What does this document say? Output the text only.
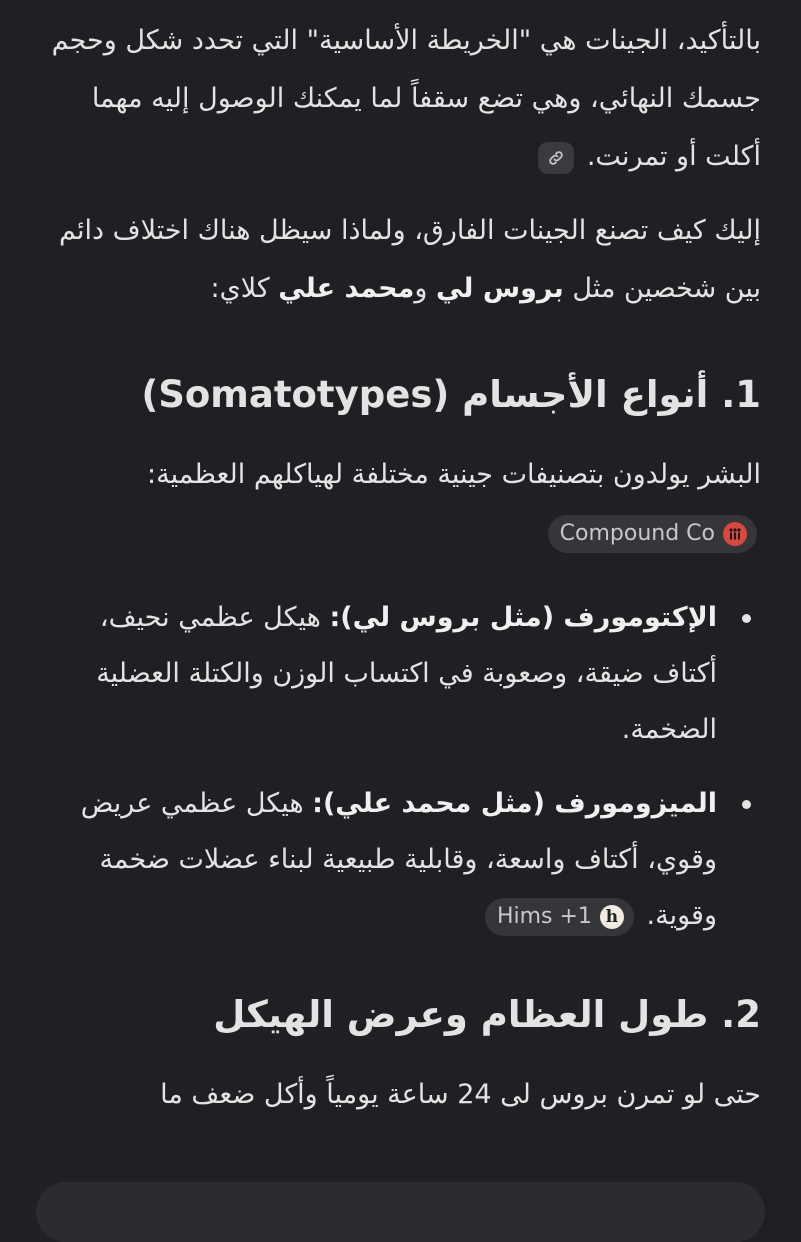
بالتأكيد، الجينات هي "الخريطة الأساسية" التي تحدد شكل وحجم جسمك النهائي، وهي تضع سقفاً لما يمكنك الوصول إليه مهما أكلت أو تمرنت.

إليك كيف تصنع الجينات الفارق، ولماذا سيظل هناك اختلاف دائم بين شخصين مثل بروس لي ومحمد علي كلاي:

1. أنواع الأجسام (Somatotypes)

البشر يولدون بتصنيفات جينية مختلفة لهياكلهم العظمية:
Compound Co

الإكتومورف (مثل بروس لي): هيكل عظمي نحيف، أكتاف ضيقة، وصعوبة في اكتساب الوزن والكتلة العضلية الضخمة.
الميزومورف (مثل محمد علي): هيكل عظمي عريض وقوي، أكتاف واسعة، وقابلية طبيعية لبناء عضلات ضخمة وقوية.
Hims +1 h
2. طول العظام وعرض الهيكل

حتى لو تمرن بروس لى 24 ساعة يومياً وأكل ضعف ما
